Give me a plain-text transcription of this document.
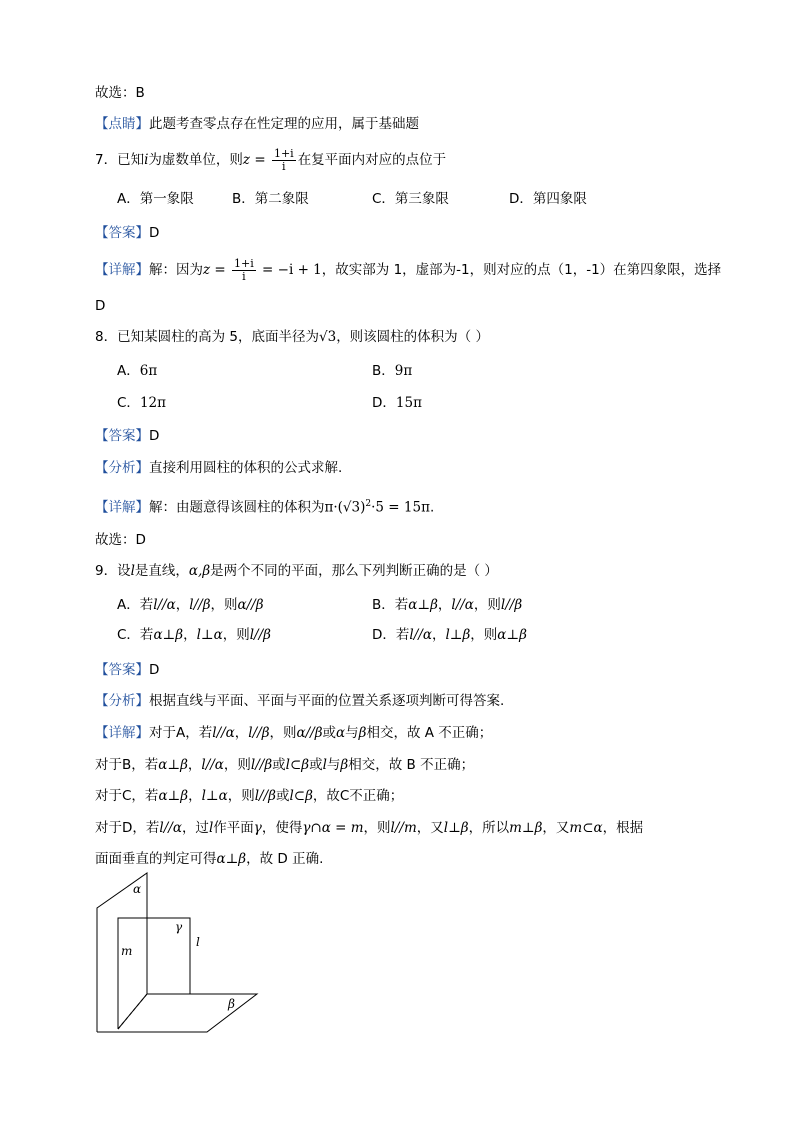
故选：B
【点睛】此题考查零点存在性定理的应用，属于基础题
7．已知i为虚数单位，则$z = \frac{1+i}{i}$ 在复平面内对应的点位于
A．第一象限	B．第二象限	C．第三象限	D．第四象限
【答案】D
【详解】解：因为$z = \frac{1+i}{i} = -i + 1$，故实部为 1，虚部为-1，则对应的点（1，-1）在第四象限，选择
D
8．已知某圆柱的高为 5，底面半径为√3，则该圆柱的体积为（ ）
A．6π	B．9π
C．12π	D．15π
【答案】D
【分析】直接利用圆柱的体积的公式求解.
【详解】解：由题意得该圆柱的体积为$\pi\cdot(√3)^2\cdot 5 = 15\pi$.
故选：D
9．设l是直线，α,β是两个不同的平面，那么下列判断正确的是（ ）
A．若l//α，l//β，则α//β	B．若α⊥β，l//α，则l//β
C．若α⊥β，l⊥α，则l//β	D．若l//α，l⊥β，则α⊥β
【答案】D
【分析】根据直线与平面、平面与平面的位置关系逐项判断可得答案.
【详解】对于A，若l//α，l//β，则α//β或α与β相交，故 A 不正确；
对于B，若α⊥β，l//α，则l//β或l⊂β或l与β相交，故 B 不正确；
对于C，若α⊥β，l⊥α，则l//β或l⊂β，故C不正确；
对于D，若l//α，过l作平面γ，使得γ∩α = m，则l//m，又l⊥β，所以m⊥β，又m⊂α，根据
面面垂直的判定可得α⊥β，故 D 正确.
α
γ
l
m
β
